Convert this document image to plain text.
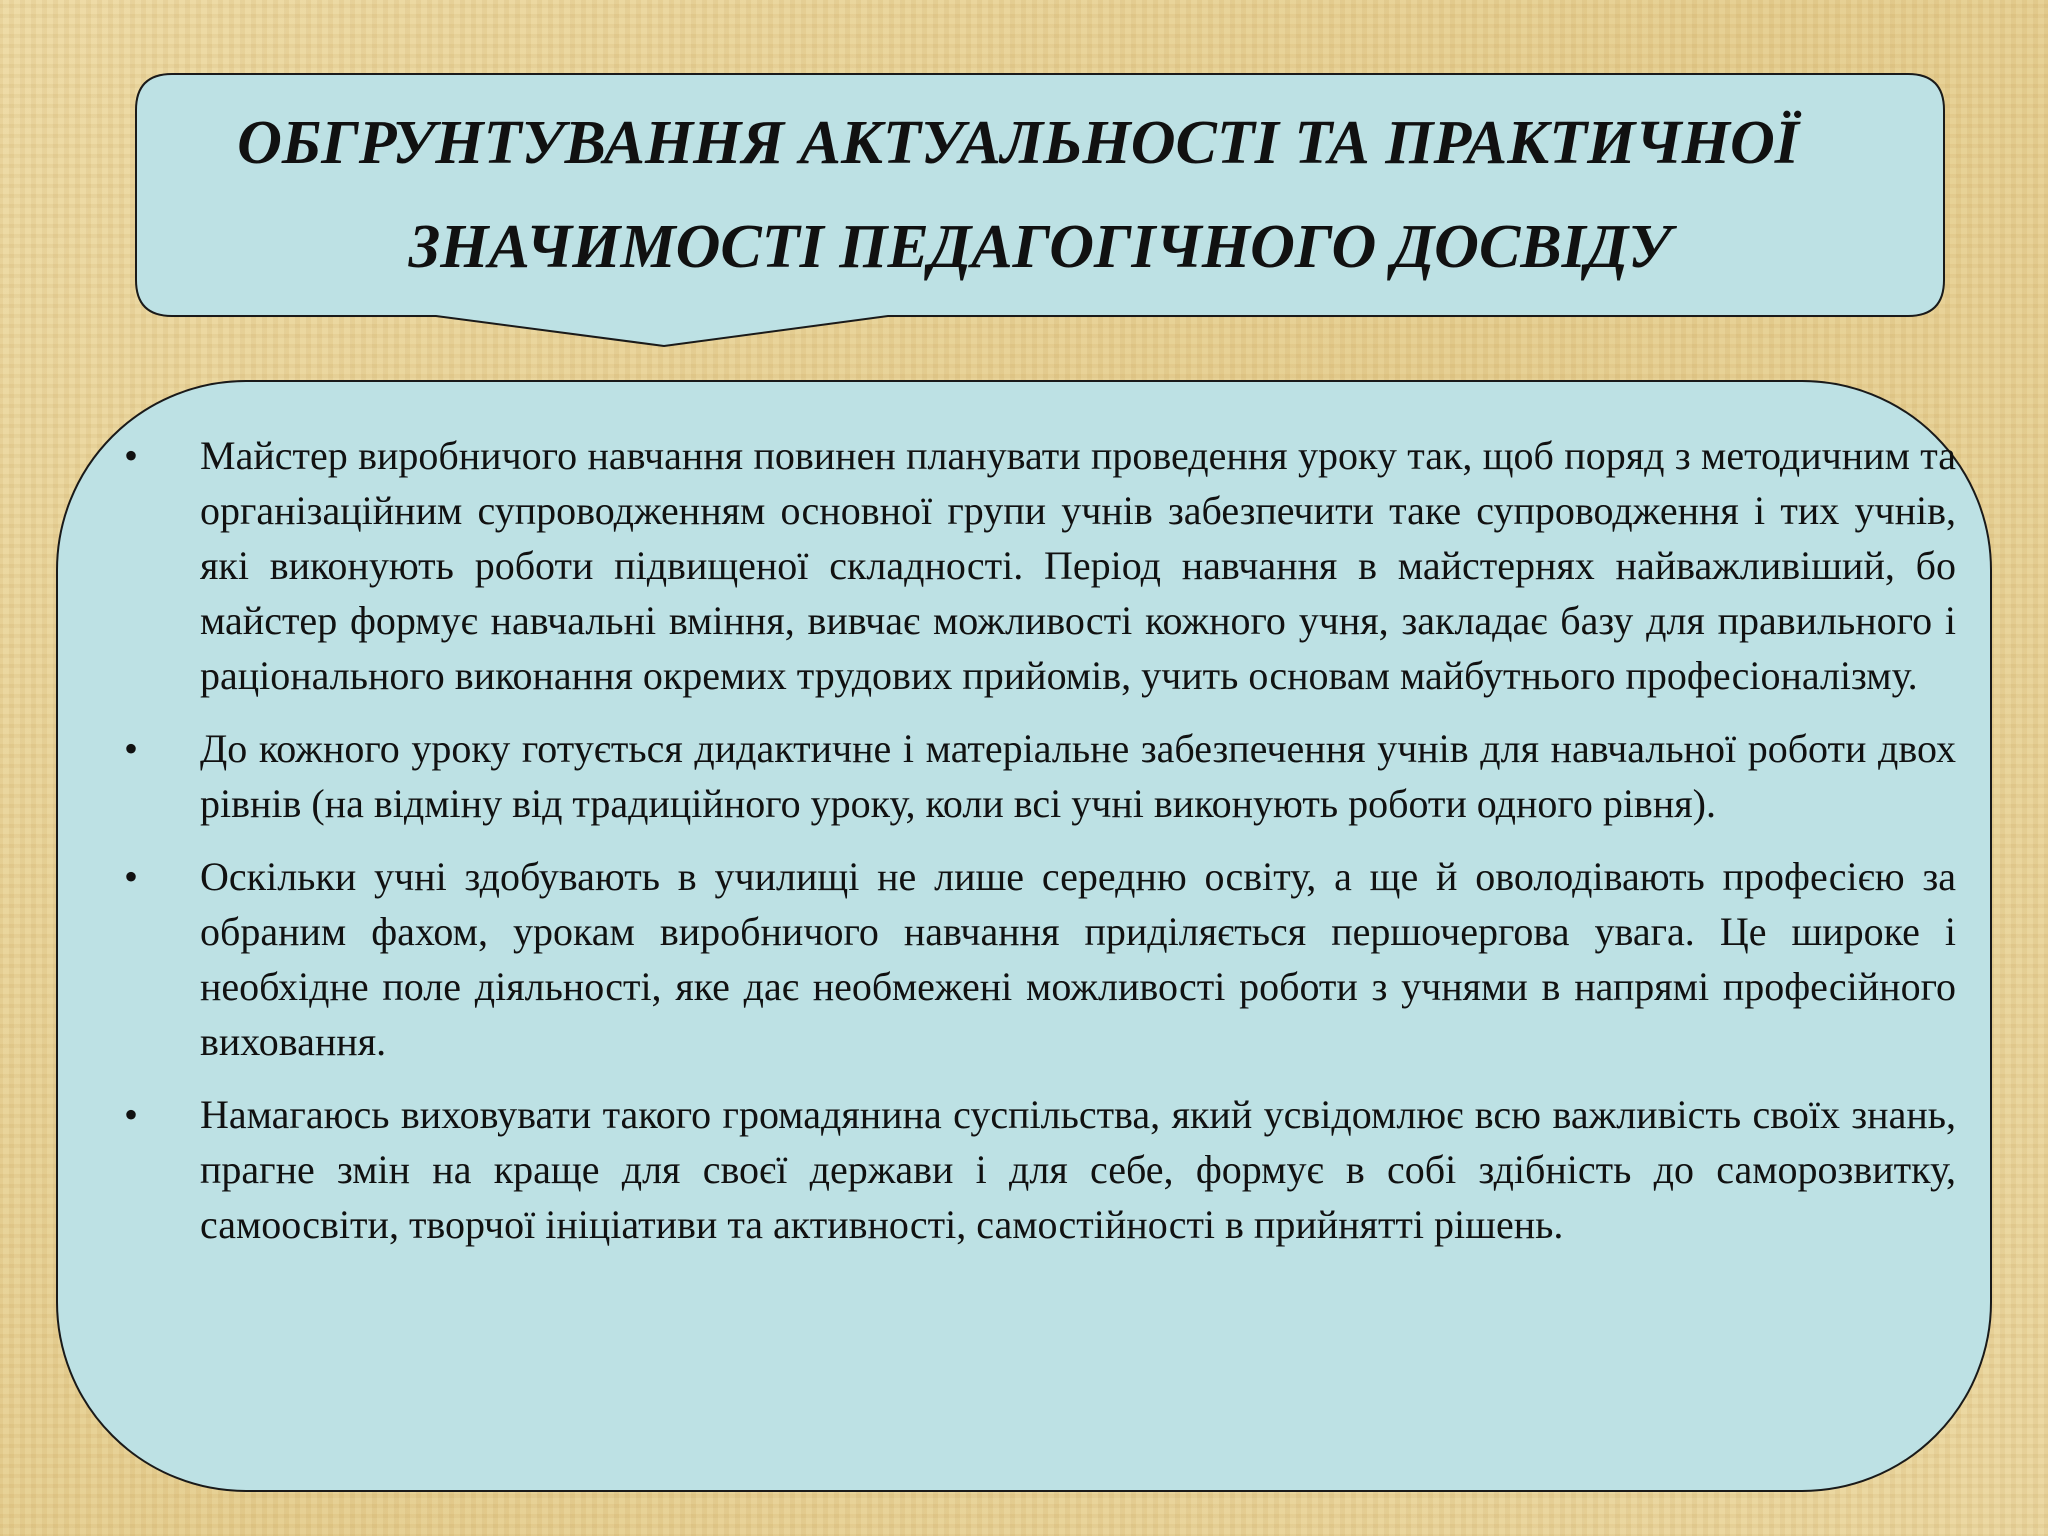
ОБГРУНТУВАННЯ АКТУАЛЬНОСТІ ТА ПРАКТИЧНОЇ
ЗНАЧИМОСТІ ПЕДАГОГІЧНОГО ДОСВІДУ
• Майстер виробничого навчання повинен планувати проведення уроку так, щоб поряд з методичним та організаційним супроводженням основної групи учнів забезпечити таке супроводження і тих учнів, які виконують роботи підвищеної складності. Період навчання в майстернях найважливіший, бо майстер формує навчальні вміння, вивчає можливості кожного учня, закладає базу для правильного і раціонального виконання окремих трудових прийомів, учить основам майбутнього професіоналізму.
• До кожного уроку готується дидактичне і матеріальне забезпечення учнів для навчальної роботи двох рівнів (на відміну від традиційного уроку, коли всі учні виконують роботи одного рівня).
• Оскільки учні здобувають в училищі не лише середню освіту, а ще й оволодівають професією за обраним фахом, урокам виробничого навчання приділяється першочергова увага. Це широке і необхідне поле діяльності, яке дає необмежені можливості роботи з учнями в напрямі професійного виховання.
• Намагаюсь виховувати такого громадянина суспільства, який усвідомлює всю важливість своїх знань, прагне змін на краще для своєї держави і для себе, формує в собі здібність до саморозвитку, самоосвіти, творчої ініціативи та активності, самостійності в прийнятті рішень.
